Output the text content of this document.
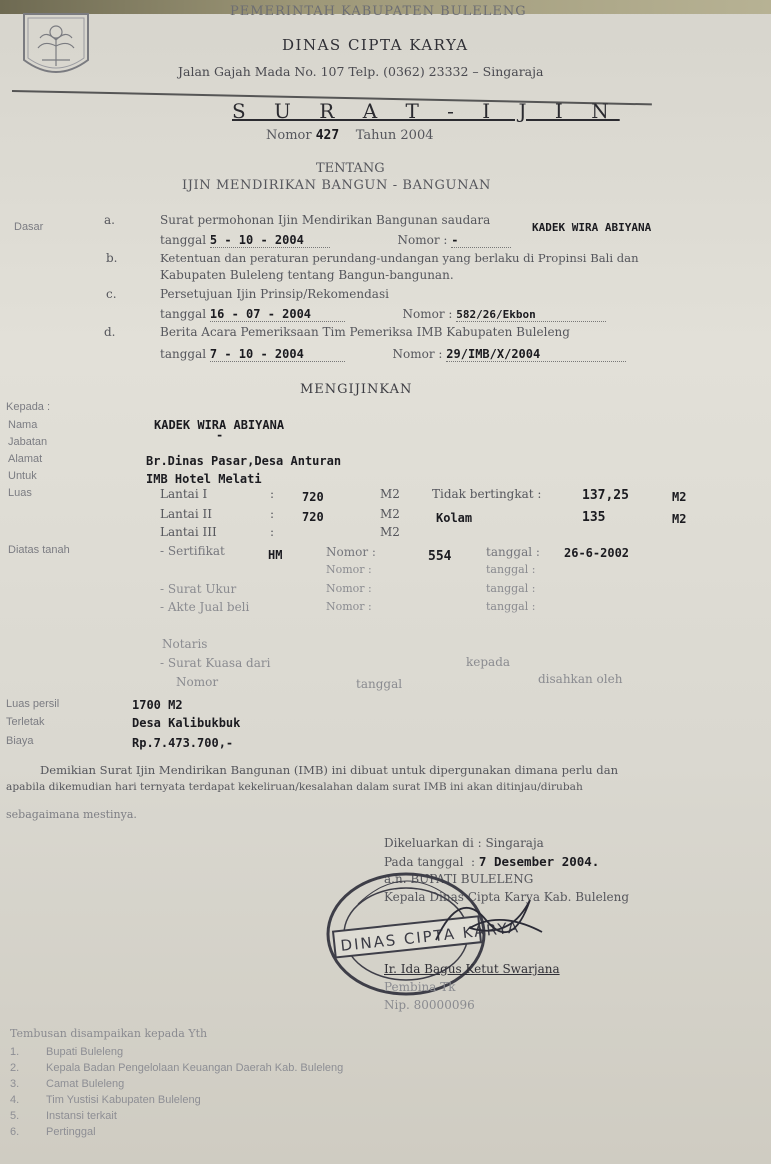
PEMERINTAH KABUPATEN BULELENG
DINAS CIPTA KARYA
Jalan Gajah Mada No. 107 Telp. (0362) 23332 – Singaraja
S U R A T - I J I N
Nomor 427 Tahun 2004
TENTANG
IJIN MENDIRIKAN BANGUN - BANGUNAN
Dasar	a.	Surat permohonan Ijin Mendirikan Bangunan saudara
KADEK WIRA ABIYANA
tanggal 5 - 10 - 2004	Nomor : -
b.	Ketentuan dan peraturan perundang-undangan yang berlaku di Propinsi Bali dan
Kabupaten Buleleng tentang Bangun-bangunan.
c.	Persetujuan Ijin Prinsip/Rekomendasi
tanggal 16 - 07 - 2004	Nomor : 582/26/Ekbon
d.	Berita Acara Pemeriksaan Tim Pemeriksa IMB Kabupaten Buleleng
tanggal 7 - 10 - 2004	Nomor : 29/IMB/X/2004
MENGIJINKAN
Kepada :
Nama	KADEK WIRA ABIYANA
Jabatan	-
Alamat	Br.Dinas Pasar,Desa Anturan
Untuk	IMB Hotel Melati
Luas	Lantai I	: 720	M2	Tidak bertingkat :	137,25	M2
Lantai II	: 720	M2	Kolam	135	M2
Lantai III	:	M2
Diatas tanah	- Sertifikat	HM	Nomor :	554	tanggal : 26-6-2002
Nomor :	tanggal :
- Surat Ukur	Nomor :	tanggal :
- Akte Jual beli	Nomor :	tanggal :
Notaris
- Surat Kuasa dari	kepada
Nomor	tanggal	disahkan oleh
Luas persil	1700 M2
Terletak	Desa Kalibukbuk
Biaya	Rp.7.473.700,-
Demikian Surat Ijin Mendirikan Bangunan (IMB) ini dibuat untuk dipergunakan dimana perlu dan
apabila dikemudian hari ternyata terdapat kekeliruan/kesalahan dalam surat IMB ini akan ditinjau/dirubah
sebagaimana mestinya.
Dikeluarkan di : Singaraja
Pada tanggal  : 7 Desember 2004.
a.n. BUPATI BULELENG
Kepala Dinas Cipta Karya Kab. Buleleng
DINAS CIPTA KARYA
Ir. Ida Bagus Ketut Swarjana
Pembina Tk
Nip. 80000096
Tembusan disampaikan kepada Yth
1. Bupati Buleleng
2. Kepala Badan Pengelolaan Keuangan Daerah Kab. Buleleng
3. Camat Buleleng
4. Tim Yustisi Kabupaten Buleleng
5. Instansi terkait
6. Pertinggal
